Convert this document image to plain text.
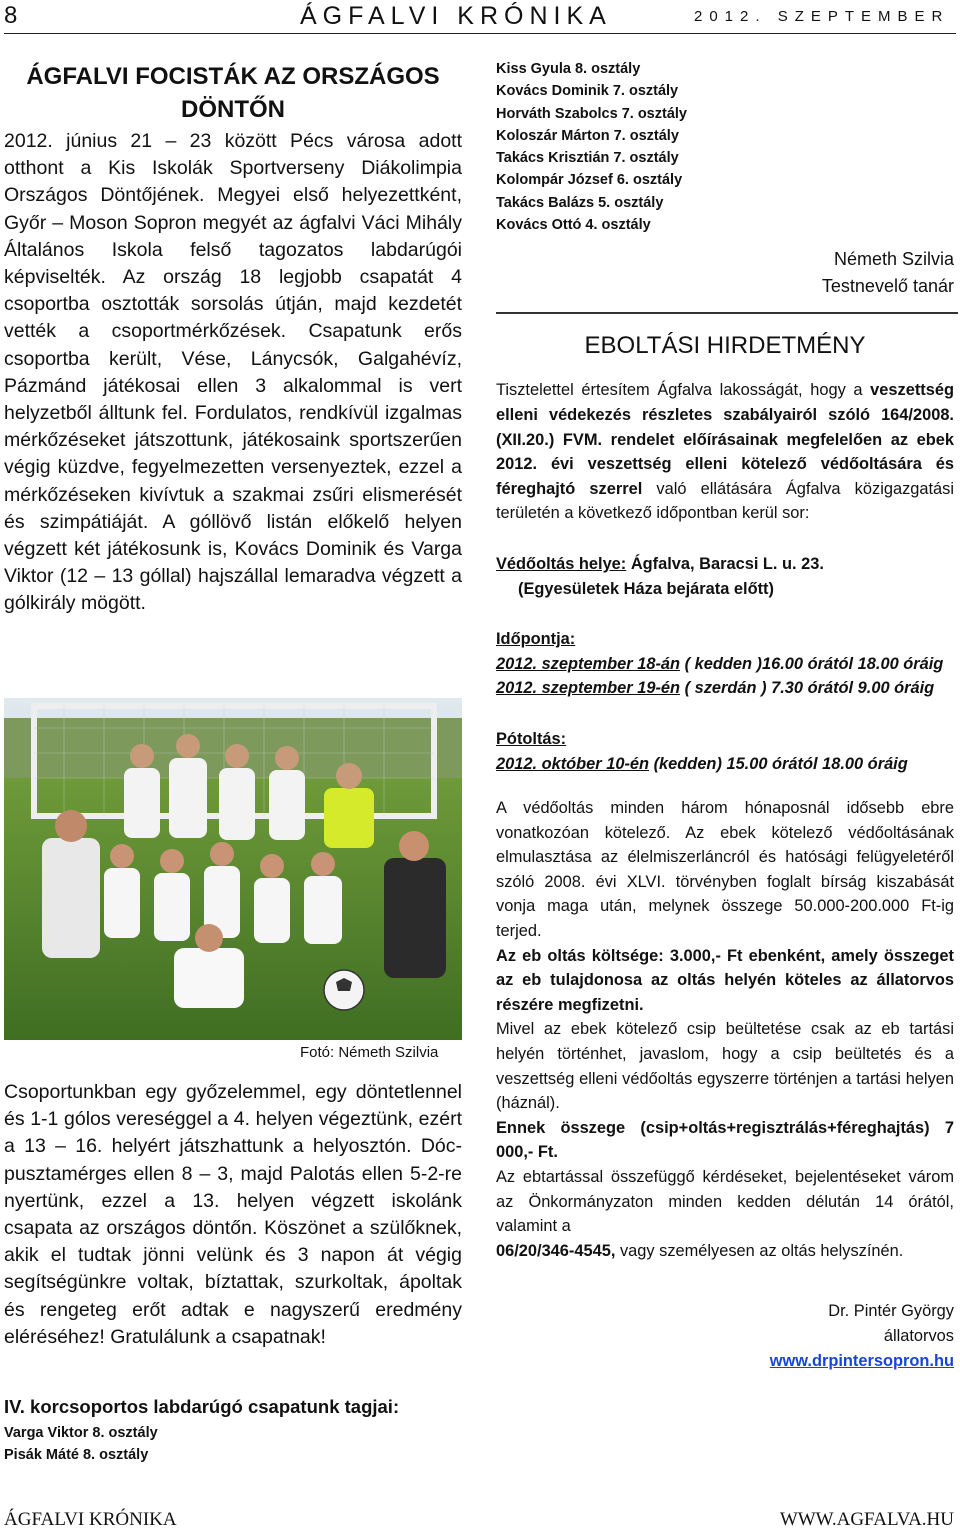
8	ÁGFALVI KRÓNIKA	2012. SZEPTEMBER
ÁGFALVI FOCISTÁK AZ ORSZÁGOS
DÖNTŐN

2012. június 21 – 23 között Pécs városa adott otthont a Kis Iskolák Sportverseny Diákolimpia Országos Döntőjének. Megyei első helyezettként, Győr – Moson Sopron megyét az ágfalvi Váci Mihály Általános Iskola felső tagozatos labdarúgói képviselték. Az ország 18 legjobb csapatát 4 csoportba osztották sorsolás útján, majd kezdetét vették a csoportmérkőzések. Csapatunk erős csoportba került, Vése, Lánycsók, Galgahévíz, Pázmánd játékosai ellen 3 alkalommal is vert helyzetből álltunk fel. Fordulatos, rendkívül izgalmas mérkőzéseket játszottunk, játékosaink sportszerűen végig küzdve, fegyelmezetten versenyeztek, ezzel a mérkőzéseken kivívtuk a szakmai zsűri elismerését és szimpátiáját. A góllövő listán előkelő helyen végzett két játékosunk is, Kovács Dominik és Varga Viktor (12 – 13 góllal) hajszállal lemaradva végzett a gólkirály mögött.

Fotó: Németh Szilvia

Csoportunkban egy győzelemmel, egy döntetlennel és 1-1 gólos vereséggel a 4. helyen végeztünk, ezért a 13 – 16. helyért játszhattunk a helyosztón. Dóc-pusztamérges ellen 8 – 3, majd Palotás ellen 5-2-re nyertünk, ezzel a 13. helyen végzett iskolánk csapata az országos döntőn. Köszönet a szülőknek, akik el tudtak jönni velünk és 3 napon át végig segítségünkre voltak, bíztattak, szurkoltak, ápoltak és rengeteg erőt adtak e nagyszerű eredmény eléréséhez! Gratulálunk a csapatnak!

IV. korcsoportos labdarúgó csapatunk tagjai:
Varga Viktor 8. osztály
Pisák Máté 8. osztály
Kiss Gyula 8. osztály
Kovács Dominik 7. osztály
Horváth Szabolcs 7. osztály
Koloszár Márton 7. osztály
Takács Krisztián 7. osztály
Kolompár József 6. osztály
Takács Balázs 5. osztály
Kovács Ottó 4. osztály
Németh Szilvia
Testnevelő tanár
EBOLTÁSI HIRDETMÉNY

Tisztelettel értesítem Ágfalva lakosságát, hogy a veszettség elleni védekezés részletes szabályairól szóló 164/2008.(XII.20.) FVM. rendelet előírásainak megfelelően az ebek 2012. évi veszettség elleni kötelező védőoltására és féreghajtó szerrel való ellátására Ágfalva közigazgatási területén a következő időpontban kerül sor:

Védőoltás helye: Ágfalva, Baracsi L. u. 23.
(Egyesületek Háza bejárata előtt)
Időpontja:
2012. szeptember 18-án ( kedden )16.00 órától 18.00 óráig
2012. szeptember 19-én ( szerdán ) 7.30 órától 9.00 óráig
Pótoltás:
2012. október 10-én (kedden) 15.00 órától 18.00 óráig

A védőoltás minden három hónaposnál idősebb ebre vonatkozóan kötelező. Az ebek kötelező védőoltásának elmulasztása az élelmiszerláncról és hatósági felügyeletéről szóló 2008. évi XLVI. törvényben foglalt bírság kiszabását vonja maga után, melynek összege 50.000-200.000 Ft-ig terjed.

Az eb oltás költsége: 3.000,- Ft ebenként, amely összeget az eb tulajdonosa az oltás helyén köteles az állatorvos részére megfizetni.

Mivel az ebek kötelező csip beültetése csak az eb tartási helyén történhet, javaslom, hogy a csip beültetés és a veszettség elleni védőoltás egyszerre történjen a tartási helyen (háznál).

Ennek összege (csip+oltás+regisztrálás+féreghajtás) 7 000,- Ft.

Az ebtartással összefüggő kérdéseket, bejelentéseket várom az Önkormányzaton minden kedden délután 14 órától, valamint a
06/20/346-4545, vagy személyesen az oltás helyszínén.

Dr. Pintér György
állatorvos
www.drpintersopron.hu
ÁGFALVI KRÓNIKA	WWW.AGFALVA.HU
